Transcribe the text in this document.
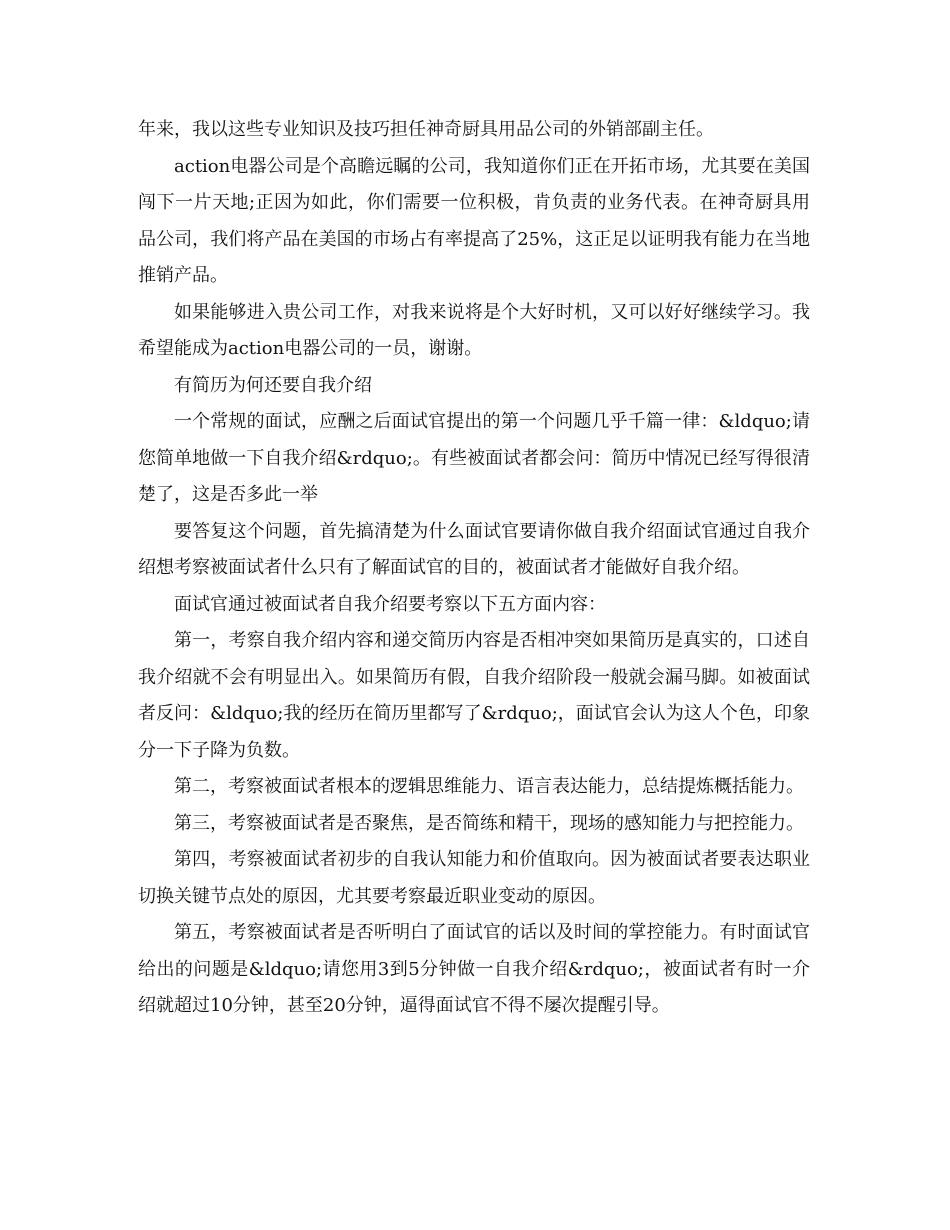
年来，我以这些专业知识及技巧担任神奇厨具用品公司的外销部副主任。

action电器公司是个高瞻远瞩的公司，我知道你们正在开拓市场，尤其要在美国闯下一片天地;正因为如此，你们需要一位积极，肯负责的业务代表。在神奇厨具用品公司，我们将产品在美国的市场占有率提高了25%，这正足以证明我有能力在当地推销产品。

如果能够进入贵公司工作，对我来说将是个大好时机，又可以好好继续学习。我希望能成为action电器公司的一员，谢谢。

有简历为何还要自我介绍

一个常规的面试，应酬之后面试官提出的第一个问题几乎千篇一律：&ldquo;请您简单地做一下自我介绍&rdquo;。有些被面试者都会问：简历中情况已经写得很清楚了，这是否多此一举

要答复这个问题，首先搞清楚为什么面试官要请你做自我介绍面试官通过自我介绍想考察被面试者什么只有了解面试官的目的，被面试者才能做好自我介绍。

面试官通过被面试者自我介绍要考察以下五方面内容：

第一，考察自我介绍内容和递交简历内容是否相冲突如果简历是真实的，口述自我介绍就不会有明显出入。如果简历有假，自我介绍阶段一般就会漏马脚。如被面试者反问：&ldquo;我的经历在简历里都写了&rdquo;，面试官会认为这人个色，印象分一下子降为负数。

第二，考察被面试者根本的逻辑思维能力、语言表达能力，总结提炼概括能力。

第三，考察被面试者是否聚焦，是否简练和精干，现场的感知能力与把控能力。

第四，考察被面试者初步的自我认知能力和价值取向。因为被面试者要表达职业切换关键节点处的原因，尤其要考察最近职业变动的原因。

第五，考察被面试者是否听明白了面试官的话以及时间的掌控能力。有时面试官给出的问题是&ldquo;请您用3到5分钟做一自我介绍&rdquo;，被面试者有时一介绍就超过10分钟，甚至20分钟，逼得面试官不得不屡次提醒引导。
